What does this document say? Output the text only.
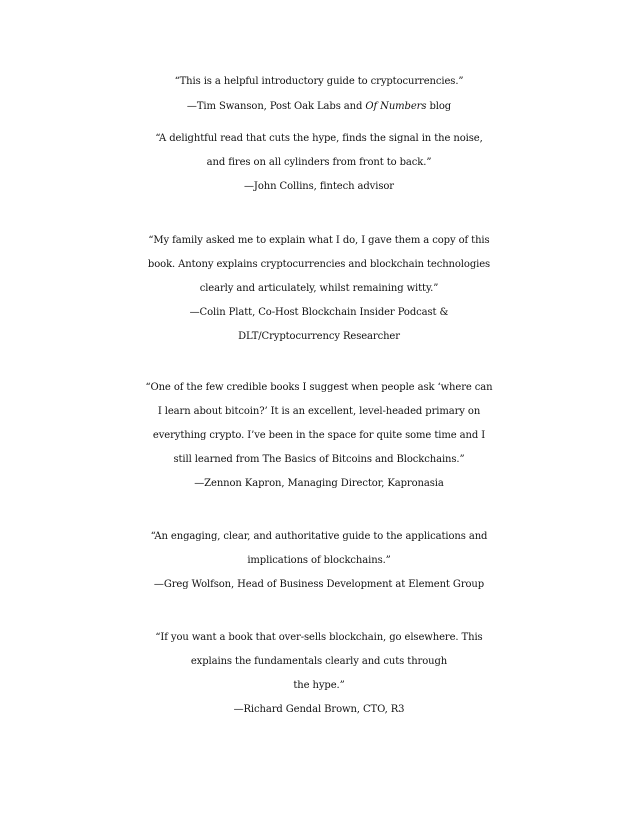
“This is a helpful introductory guide to cryptocurrencies.”
—Tim Swanson, Post Oak Labs and Of Numbers blog
“A delightful read that cuts the hype, finds the signal in the noise,
and fires on all cylinders from front to back.”
—John Collins, fintech advisor
“My family asked me to explain what I do, I gave them a copy of this
book. Antony explains cryptocurrencies and blockchain technologies
clearly and articulately, whilst remaining witty.”
—Colin Platt, Co-Host Blockchain Insider Podcast &
DLT/Cryptocurrency Researcher
“One of the few credible books I suggest when people ask ‘where can
I learn about bitcoin?’ It is an excellent, level-headed primary on
everything crypto. I’ve been in the space for quite some time and I
still learned from The Basics of Bitcoins and Blockchains.”
—Zennon Kapron, Managing Director, Kapronasia
“An engaging, clear, and authoritative guide to the applications and
implications of blockchains.”
—Greg Wolfson, Head of Business Development at Element Group
“If you want a book that over-sells blockchain, go elsewhere. This
explains the fundamentals clearly and cuts through
the hype.”
—Richard Gendal Brown, CTO, R3
